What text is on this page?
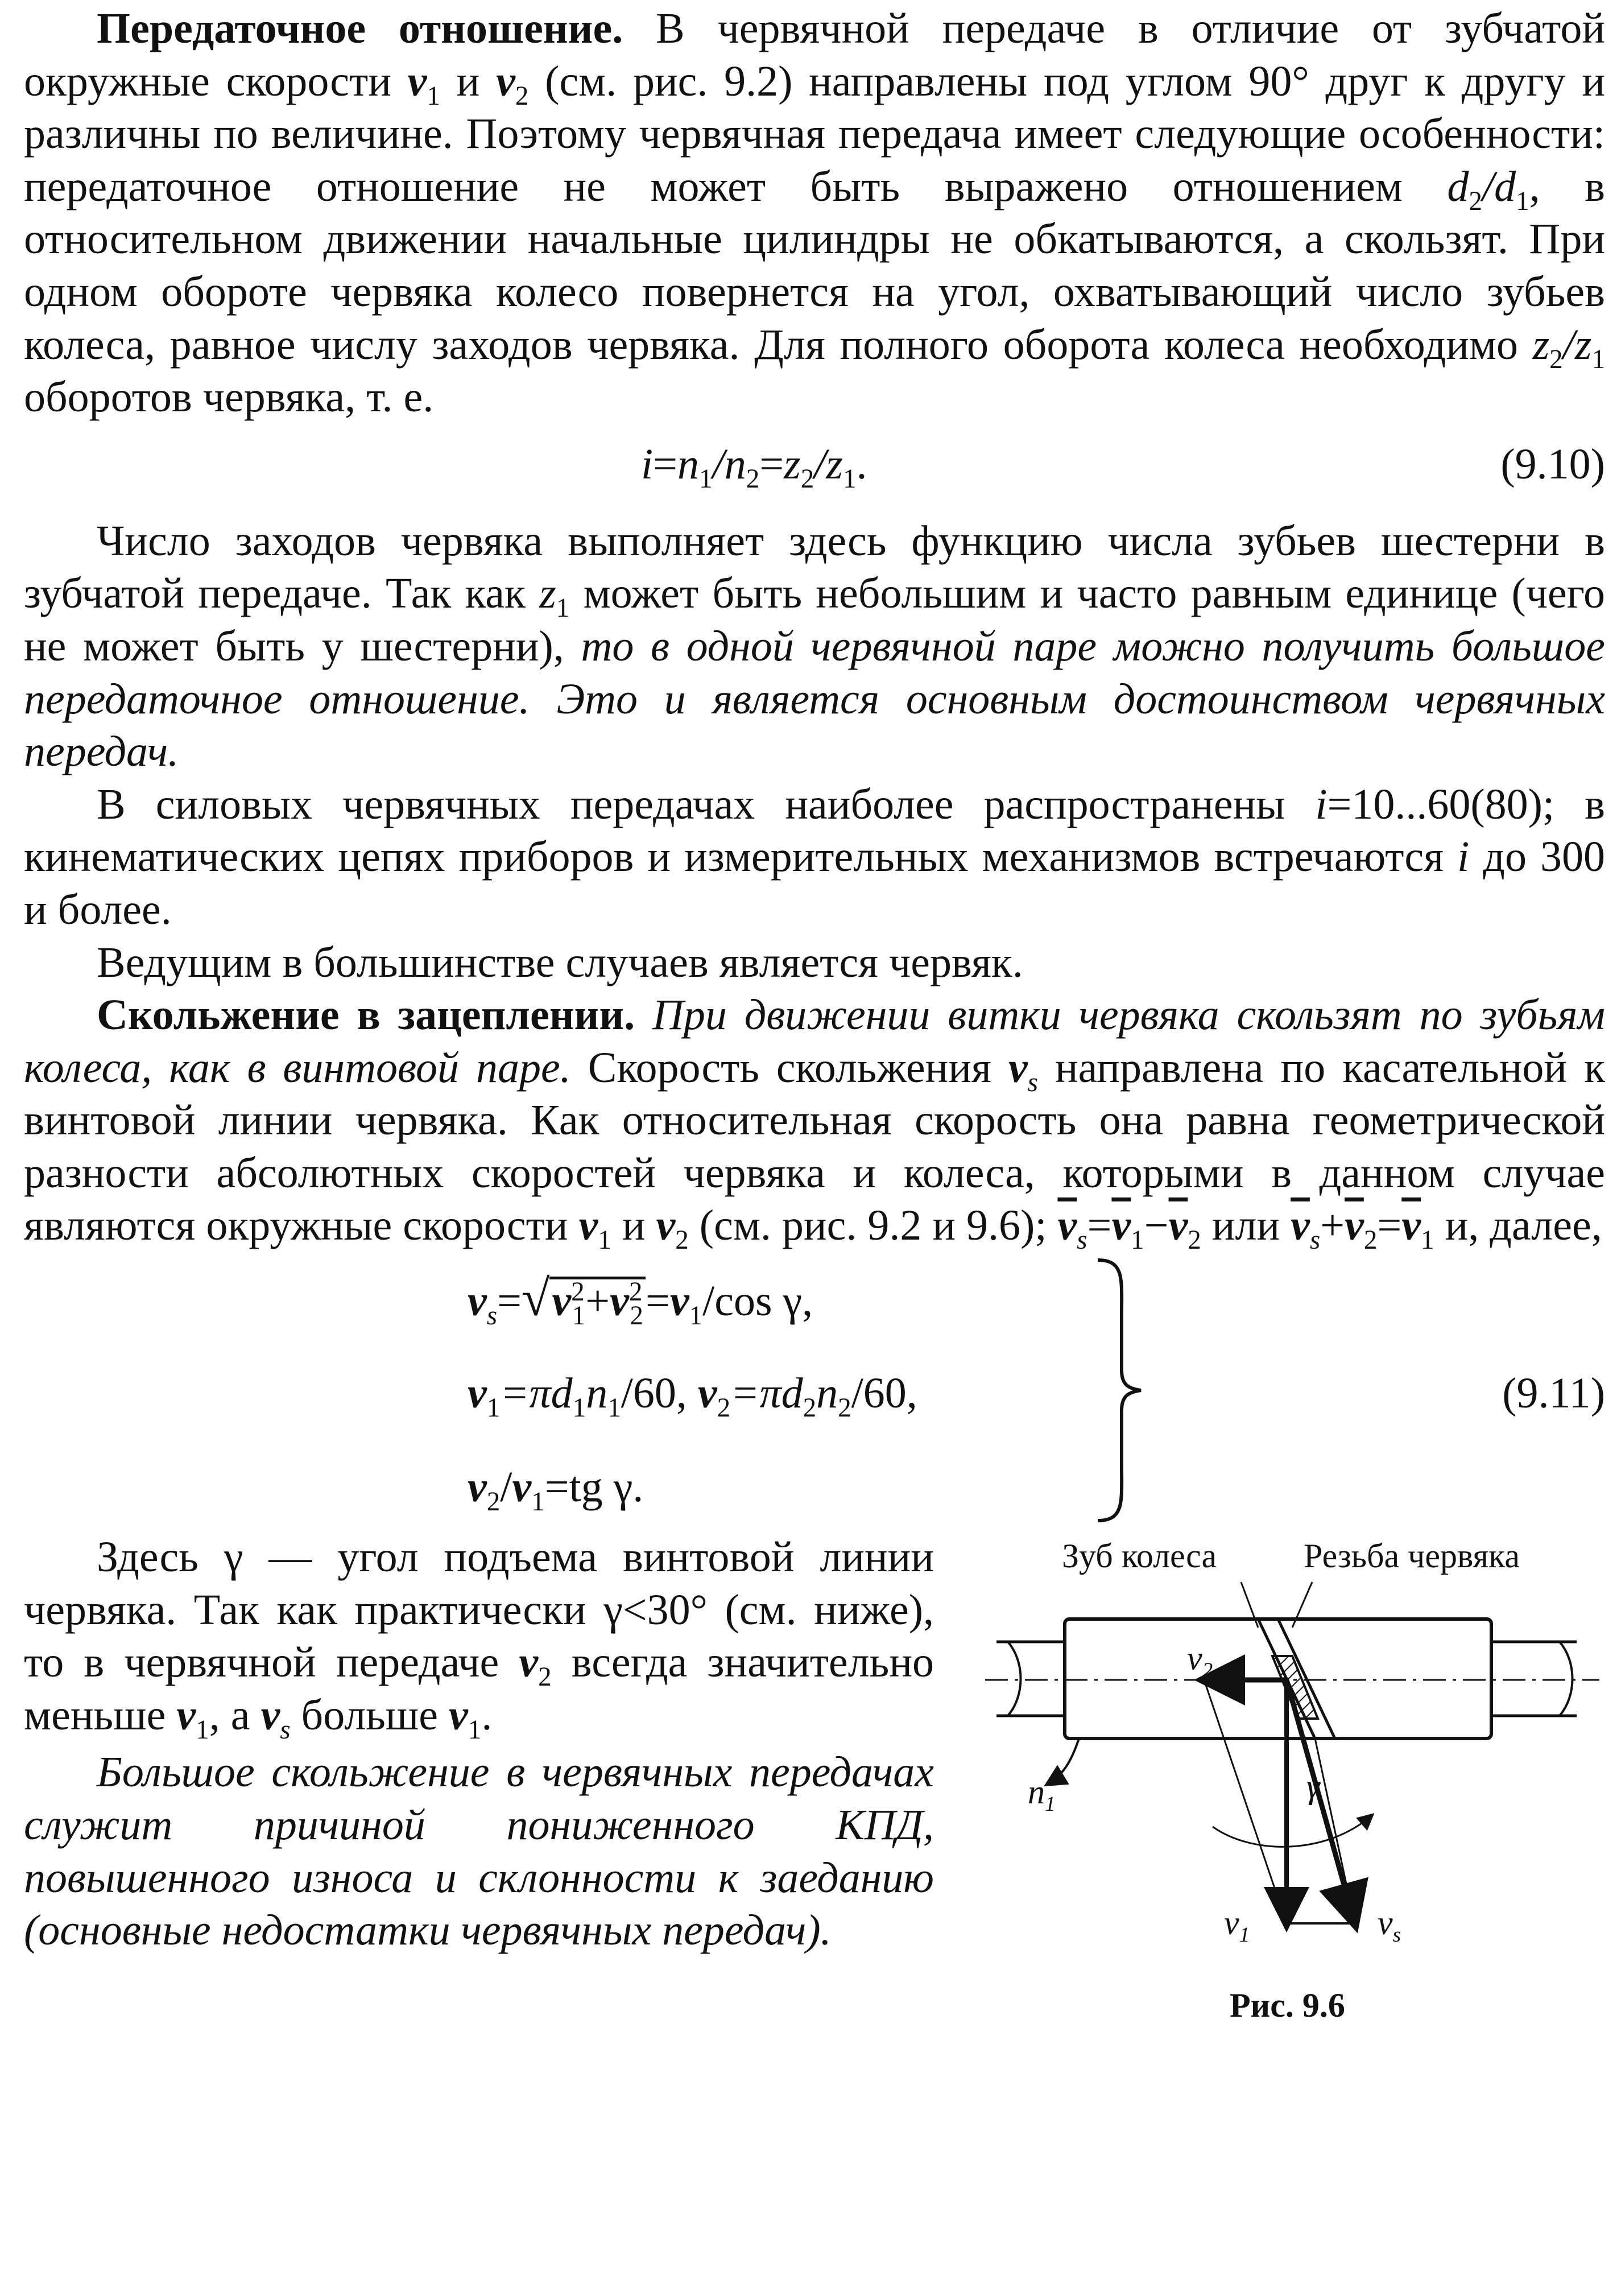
Передаточное отношение. В червячной передаче в отличие от зубчатой окружные скорости $v_1$ и $v_2$ (см. рис. 9.2) направлены под углом 90° друг к другу и различны по величине. Поэтому червячная передача имеет следующие особенности: передаточное отношение не может быть выражено отношением $d_2/d_1$, в относительном движении начальные цилиндры не обкатываются, а скользят. При одном обороте червяка колесо повернется на угол, охватывающий число зубьев колеса, равное числу заходов червяка. Для полного оборота колеса необходимо $z_2/z_1$ оборотов червяка, т. е.

$i=n_1/n_2=z_2/z_1$.	(9.10)

Число заходов червяка выполняет здесь функцию числа зубьев шестерни в зубчатой передаче. Так как $z_1$ может быть небольшим и часто равным единице (чего не может быть у шестерни), то в одной червячной паре можно получить большое передаточное отношение. Это и является основным достоинством червячных передач.

В силовых червячных передачах наиболее распространены i=10...60(80); в кинематических цепях приборов и измерительных механизмов встречаются i до 300 и более.

Ведущим в большинстве случаев является червяк.

Скольжение в зацеплении. При движении витки червяка скользят по зубьям колеса, как в винтовой паре. Скорость скольжения $v_s$ направлена по касательной к винтовой линии червяка. Как относительная скорость она равна геометрической разности абсолютных скоростей червяка и колеса, которыми в данном случае являются окружные скорости $v_1$ и $v_2$ (см. рис. 9.2 и 9.6); $\overline{v}_s=\overline{v}_1-\overline{v}_2$ или $\overline{v}_s+\overline{v}_2=\overline{v}_1$ и, далее,

$v_s=√v^2_1+v^2_2=v_1/\cos$ γ,
$v_1=\pi d_1n_1/60$, $v_2=\pi d_2n_2/60$,
$v_2/v_1=tg$ γ.
(9.11)

Здесь γ — угол подъема винтовой линии червяка. Так как практически γ<30° (см. ниже), то в червячной передаче $v_2$ всегда значительно меньше $v_1$, а $v_s$ больше $v_1$.

Большое скольжение в червячных передачах служит причиной пониженного КПД, повышенного износа и склонности к заеданию (основные недостатки червячных передач).

Зуб колеса	Резьба червяка
$v_2$
$n_1$	γ
$v_1$	$v_s$
Рис. 9.6
